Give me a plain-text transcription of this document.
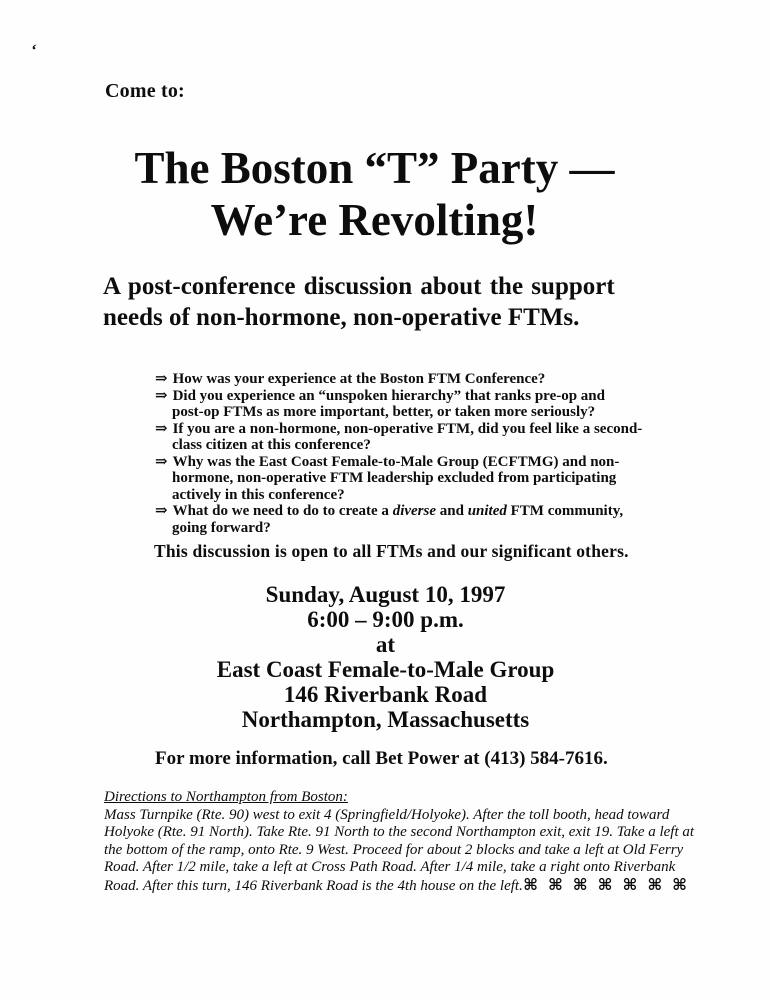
‘
Come to:
The Boston “T” Party —
We’re Revolting!
A post-conference discussion about the support
needs of non-hormone, non-operative FTMs.
⇒ How was your experience at the Boston FTM Conference?
⇒ Did you experience an “unspoken hierarchy” that ranks pre-op and
post-op FTMs as more important, better, or taken more seriously?
⇒ If you are a non-hormone, non-operative FTM, did you feel like a second-
class citizen at this conference?
⇒ Why was the East Coast Female-to-Male Group (ECFTMG) and non-
hormone, non-operative FTM leadership excluded from participating
actively in this conference?
⇒ What do we need to do to create a diverse and united FTM community,
going forward?
This discussion is open to all FTMs and our significant others.
Sunday, August 10, 1997
6:00 – 9:00 p.m.
at
East Coast Female-to-Male Group
146 Riverbank Road
Northampton, Massachusetts
For more information, call Bet Power at (413) 584-7616.
Directions to Northampton from Boston:
Mass Turnpike (Rte. 90) west to exit 4 (Springfield/Holyoke). After the toll booth, head toward
Holyoke (Rte. 91 North). Take Rte. 91 North to the second Northampton exit, exit 19. Take a left at
the bottom of the ramp, onto Rte. 9 West. Proceed for about 2 blocks and take a left at Old Ferry
Road. After 1/2 mile, take a left at Cross Path Road. After 1/4 mile, take a right onto Riverbank
Road. After this turn, 146 Riverbank Road is the 4th house on the left. ⌘ ⌘ ⌘ ⌘ ⌘ ⌘ ⌘
